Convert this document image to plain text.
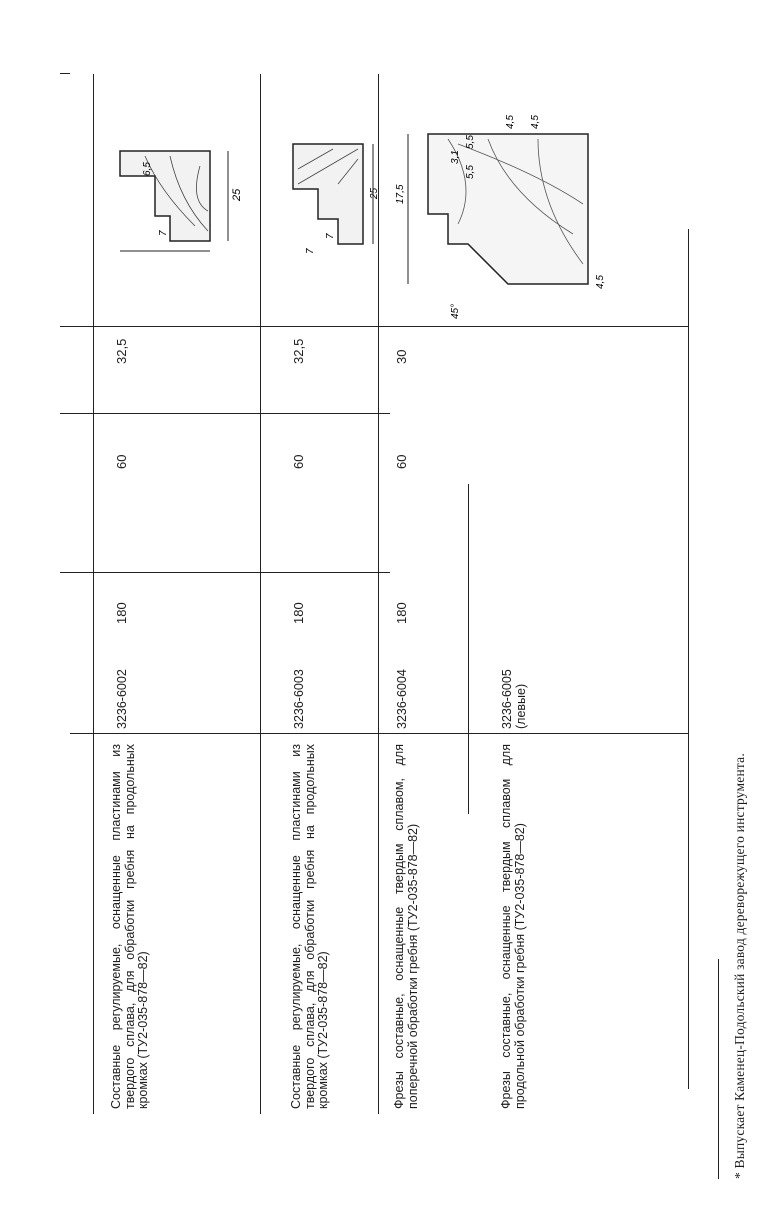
Составные регулируемые, оснащенные пластинами из твердого сплава, для обработки гребня на продольных кромках (ТУ2-035-878—82)
3236-6002
180
60
32,5
Составные регулируемые, оснащенные пластинами из твердого сплава, для обработки гребня на продольных кромках (ТУ2-035-878—82)
3236-6003
180
60
32,5
Фрезы составные, оснащенные твердым сплавом, для поперечной обработки гребня (ТУ2-035-878—82)
3236-6004
180
60
30
Фрезы составные, оснащенные твердым сплавом для продольной обработки гребня (ТУ2-035-878—82)
3236-6005 (левые)
25
6,5
7
25
7
7
45°
17,5
3,1
5,5
5,5
4,5 4,5
4,5
* Выпускает Каменец-Подольский завод дереворежущего инструмента.
